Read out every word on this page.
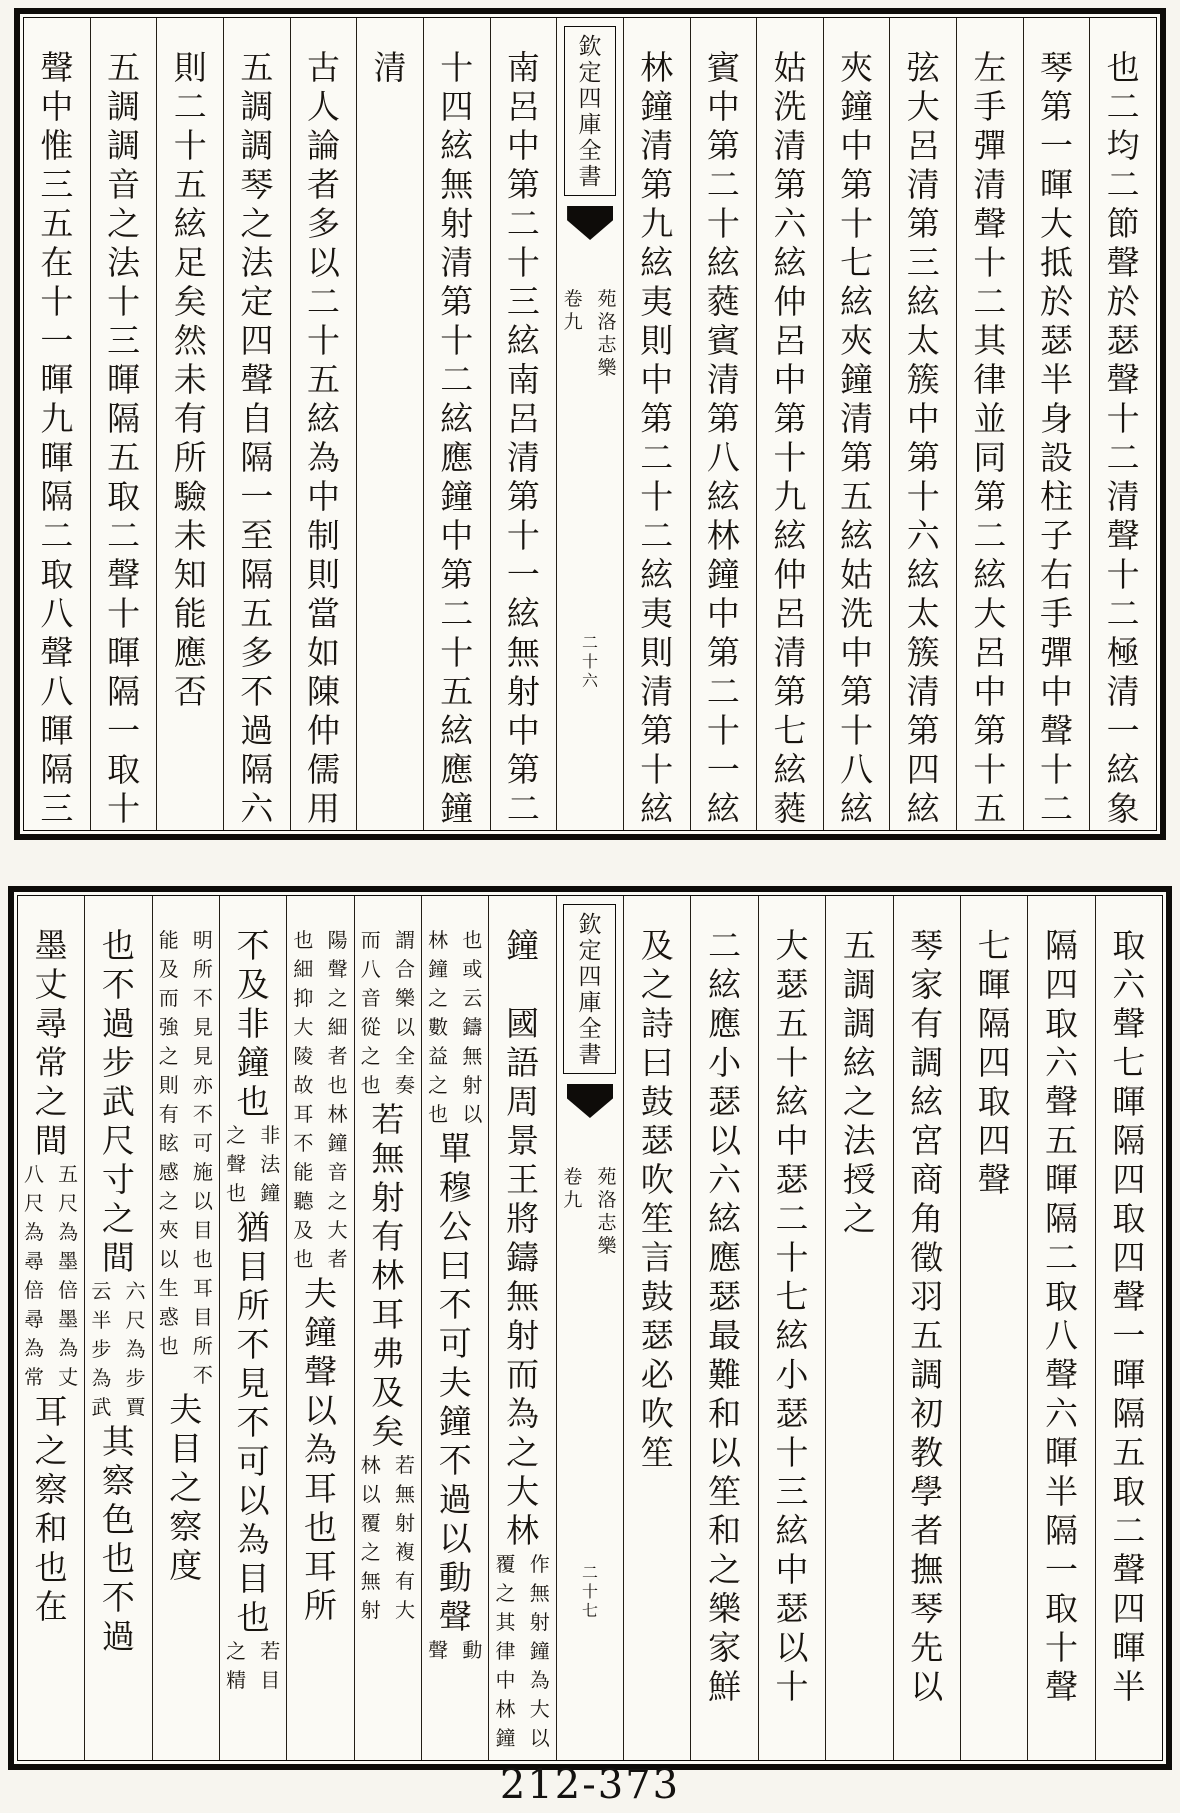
也
二
均
二
節
聲
於
瑟
聲
十
二
清
聲
十
二
極
清
一
絃
象
琴
第
一
暉
大
抵
於
瑟
半
身
設
柱
子
右
手
彈
中
聲
十
二
左
手
彈
清
聲
十
二
其
律
並
同
第
二
絃
大
呂
中
第
十
五
弦
大
呂
清
第
三
絃
太
簇
中
第
十
六
絃
太
簇
清
第
四
絃
夾
鐘
中
第
十
七
絃
夾
鐘
清
第
五
絃
姑
洗
中
第
十
八
絃
姑
洗
清
第
六
絃
仲
呂
中
第
十
九
絃
仲
呂
清
第
七
絃
蕤
賓
中
第
二
十
絃
蕤
賓
清
第
八
絃
林
鐘
中
第
二
十
一
絃
林
鐘
清
第
九
絃
夷
則
中
第
二
十
二
絃
夷
則
清
第
十
絃
欽
定
四
庫
全
書
苑
洛
志
樂
卷
九
二
十
六
南
呂
中
第
二
十
三
絃
南
呂
清
第
十
一
絃
無
射
中
第
二
十
四
絃
無
射
清
第
十
二
絃
應
鐘
中
第
二
十
五
絃
應
鐘
清
古
人
論
者
多
以
二
十
五
絃
為
中
制
則
當
如
陳
仲
儒
用
五
調
調
琴
之
法
定
四
聲
自
隔
一
至
隔
五
多
不
過
隔
六
則
二
十
五
絃
足
矣
然
未
有
所
驗
未
知
能
應
否
五
調
調
音
之
法
十
三
暉
隔
五
取
二
聲
十
暉
隔
一
取
十
聲
中
惟
三
五
在
十
一
暉
九
暉
隔
二
取
八
聲
八
暉
隔
三
取
六
聲
七
暉
隔
四
取
四
聲
一
暉
隔
五
取
二
聲
四
暉
半
隔
四
取
六
聲
五
暉
隔
二
取
八
聲
六
暉
半
隔
一
取
十
聲
七
暉
隔
四
取
四
聲
琴
家
有
調
絃
宮
商
角
徵
羽
五
調
初
教
學
者
撫
琴
先
以
五
調
調
絃
之
法
授
之
大
瑟
五
十
絃
中
瑟
二
十
七
絃
小
瑟
十
三
絃
中
瑟
以
十
二
絃
應
小
瑟
以
六
絃
應
瑟
最
難
和
以
笙
和
之
樂
家
鮮
及
之
詩
曰
鼓
瑟
吹
笙
言
鼓
瑟
必
吹
笙
欽
定
四
庫
全
書
苑
洛
志
樂
卷
九
二
十
七
鐘
國
語
周
景
王
將
鑄
無
射
而
為
之
大
林
作
無
射
鐘
為
大
以
覆
之
其
律
中
林
鐘
也
或
云
鑄
無
射
以
林
鐘
之
數
益
之
也
單
穆
公
曰
不
可
夫
鐘
不
過
以
動
聲
動
聲
謂
合
樂
以
全
奏
而
八
音
從
之
也
若
無
射
有
林
耳
弗
及
矣
若
無
射
複
有
大
林
以
覆
之
無
射
陽
聲
之
細
者
也
林
鐘
音
之
大
者
也
細
抑
大
陵
故
耳
不
能
聽
及
也
夫
鐘
聲
以
為
耳
也
耳
所
不
及
非
鐘
也
非
法
鐘
之
聲
也
猶
目
所
不
見
不
可
以
為
目
也
若
目
之
精
明
所
不
見
見
亦
不
可
施
以
目
也
耳
目
所
不
能
及
而
強
之
則
有
眩
感
之
夾
以
生
惑
也
夫
目
之
察
度
也
不
過
步
武
尺
寸
之
間
六
尺
為
步
賈
云
半
步
為
武
其
察
色
也
不
過
墨
丈
尋
常
之
間
五
尺
為
墨
倍
墨
為
丈
八
尺
為
尋
倍
尋
為
常
耳
之
察
和
也
在
212-373
